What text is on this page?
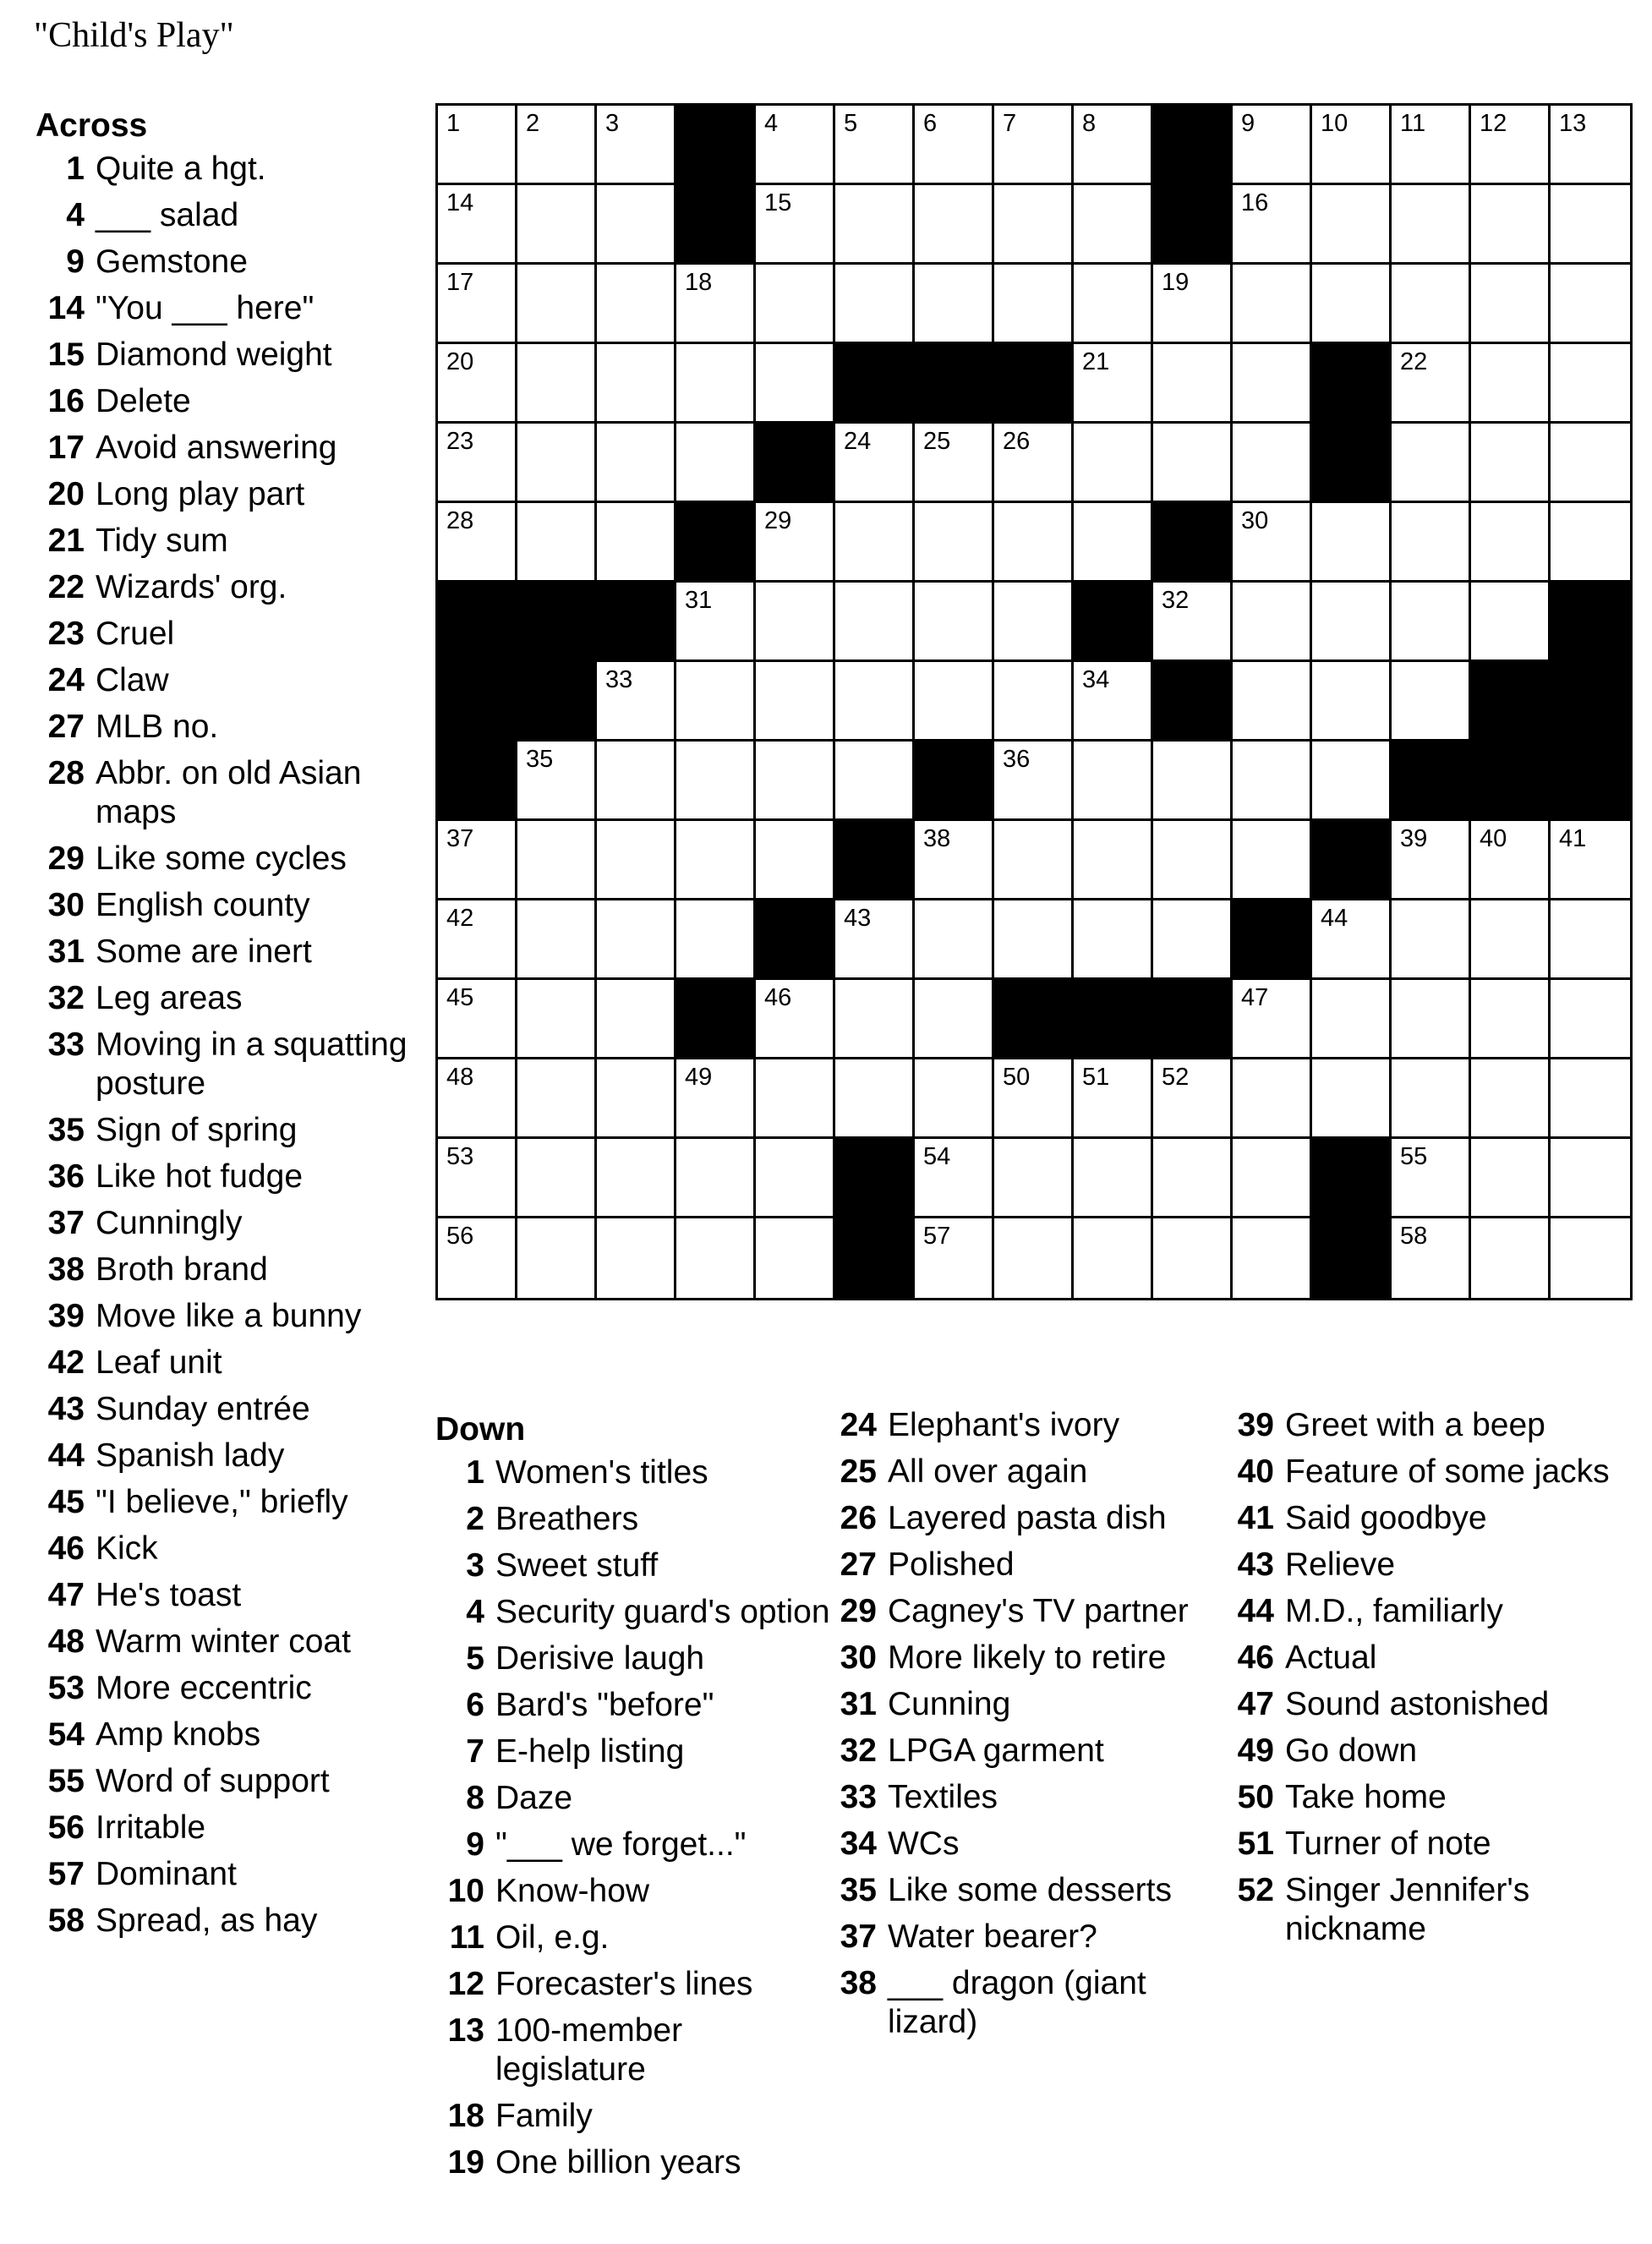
"Child's Play"
Across
1 Quite a hgt.
4 ___ salad
9 Gemstone
14 "You ___ here"
15 Diamond weight
16 Delete
17 Avoid answering
20 Long play part
21 Tidy sum
22 Wizards' org.
23 Cruel
24 Claw
27 MLB no.
28 Abbr. on old Asian maps
29 Like some cycles
30 English county
31 Some are inert
32 Leg areas
33 Moving in a squatting posture
35 Sign of spring
36 Like hot fudge
37 Cunningly
38 Broth brand
39 Move like a bunny
42 Leaf unit
43 Sunday entrée
44 Spanish lady
45 "I believe," briefly
46 Kick
47 He's toast
48 Warm winter coat
53 More eccentric
54 Amp knobs
55 Word of support
56 Irritable
57 Dominant
58 Spread, as hay
1	2	3	4	5	6	7	8	9	10 11 12 13
14	15	16
17	18	19
20	21	22
23	24 25 26
28	29	30
31	32
33	34
35	36
37	38	39 40 41
42	43	44
45	46	47
48	49	50 51 52
53	54	55
56	57	58
Down
1 Women's titles
2 Breathers
3 Sweet stuff
4 Security guard's option
5 Derisive laugh
6 Bard's "before"
7 E-help listing
8 Daze
9 "___ we forget..."
10 Know-how
11 Oil, e.g.
12 Forecaster's lines
13 100-member legislature
18 Family
19 One billion years
24 Elephant's ivory
25 All over again
26 Layered pasta dish
27 Polished
29 Cagney's TV partner
30 More likely to retire
31 Cunning
32 LPGA garment
33 Textiles
34 WCs
35 Like some desserts
37 Water bearer?
38 ___ dragon (giant lizard)
39 Greet with a beep
40 Feature of some jacks
41 Said goodbye
43 Relieve
44 M.D., familiarly
46 Actual
47 Sound astonished
49 Go down
50 Take home
51 Turner of note
52 Singer Jennifer's nickname
